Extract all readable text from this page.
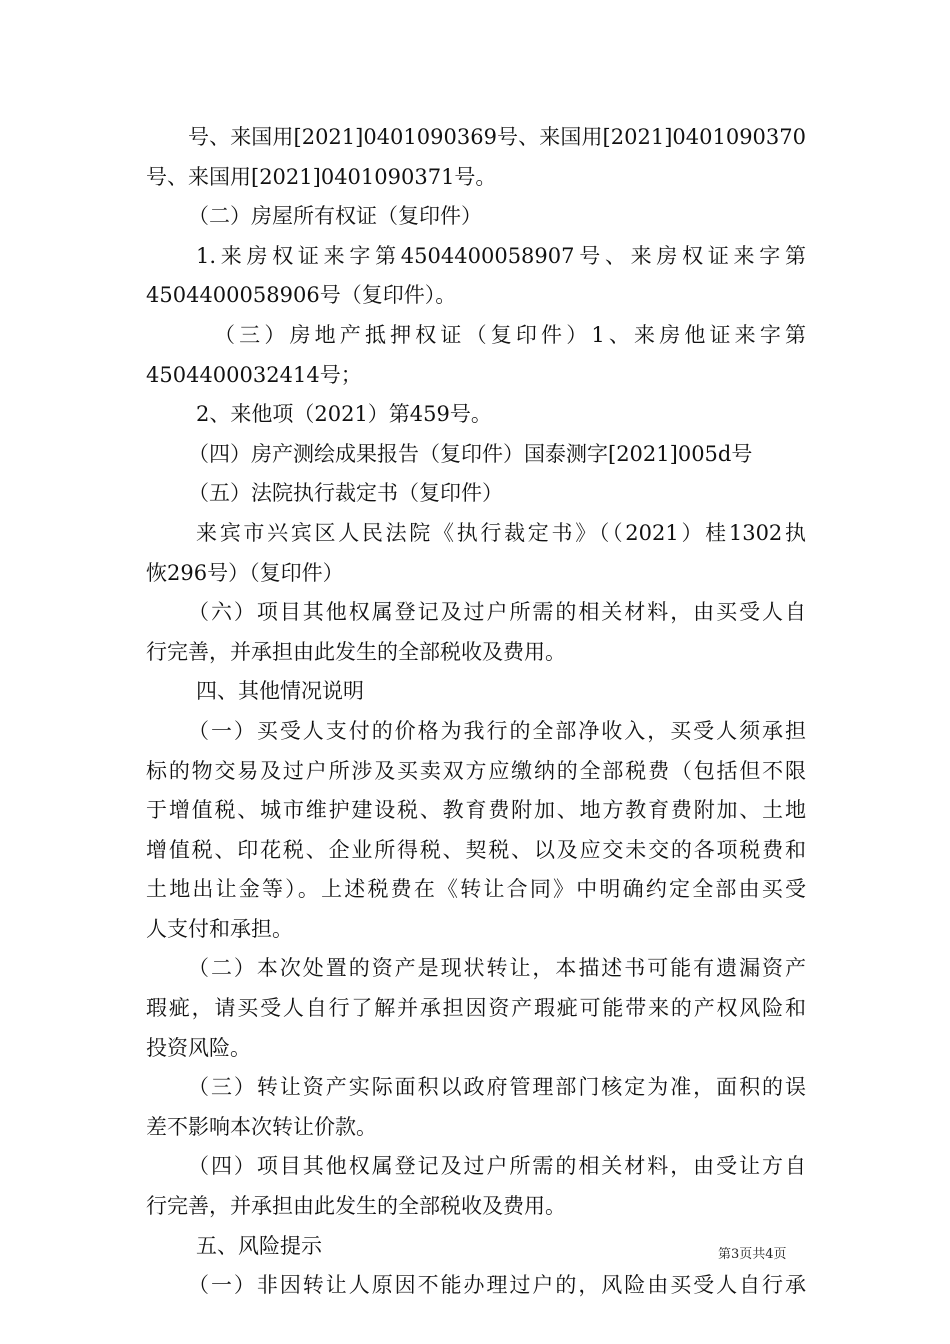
号、来国用[2021]0401090369号、来国用[2021]0401090370
号、来国用[2021]0401090371号。
（二）房屋所有权证（复印件）
1.来房权证来字第4504400058907号、来房权证来字第
4504400058906号（复印件）。
（三）房地产抵押权证（复印件）1、来房他证来字第
4504400032414号；
2、来他项（2021）第459号。
（四）房产测绘成果报告（复印件）国泰测字[2021]005d号
（五）法院执行裁定书（复印件）
来宾市兴宾区人民法院《执行裁定书》（（2021）桂1302执
恢296号）（复印件）
（六）项目其他权属登记及过户所需的相关材料，由买受人自
行完善，并承担由此发生的全部税收及费用。
四、其他情况说明
（一）买受人支付的价格为我行的全部净收入，买受人须承担
标的物交易及过户所涉及买卖双方应缴纳的全部税费（包括但不限
于增值税、城市维护建设税、教育费附加、地方教育费附加、土地
增值税、印花税、企业所得税、契税、以及应交未交的各项税费和
土地出让金等）。上述税费在《转让合同》中明确约定全部由买受
人支付和承担。
（二）本次处置的资产是现状转让，本描述书可能有遗漏资产
瑕疵，请买受人自行了解并承担因资产瑕疵可能带来的产权风险和
投资风险。
（三）转让资产实际面积以政府管理部门核定为准，面积的误
差不影响本次转让价款。
（四）项目其他权属登记及过户所需的相关材料，由受让方自
行完善，并承担由此发生的全部税收及费用。
五、风险提示
（一）非因转让人原因不能办理过户的，风险由买受人自行承
第3页共4页
